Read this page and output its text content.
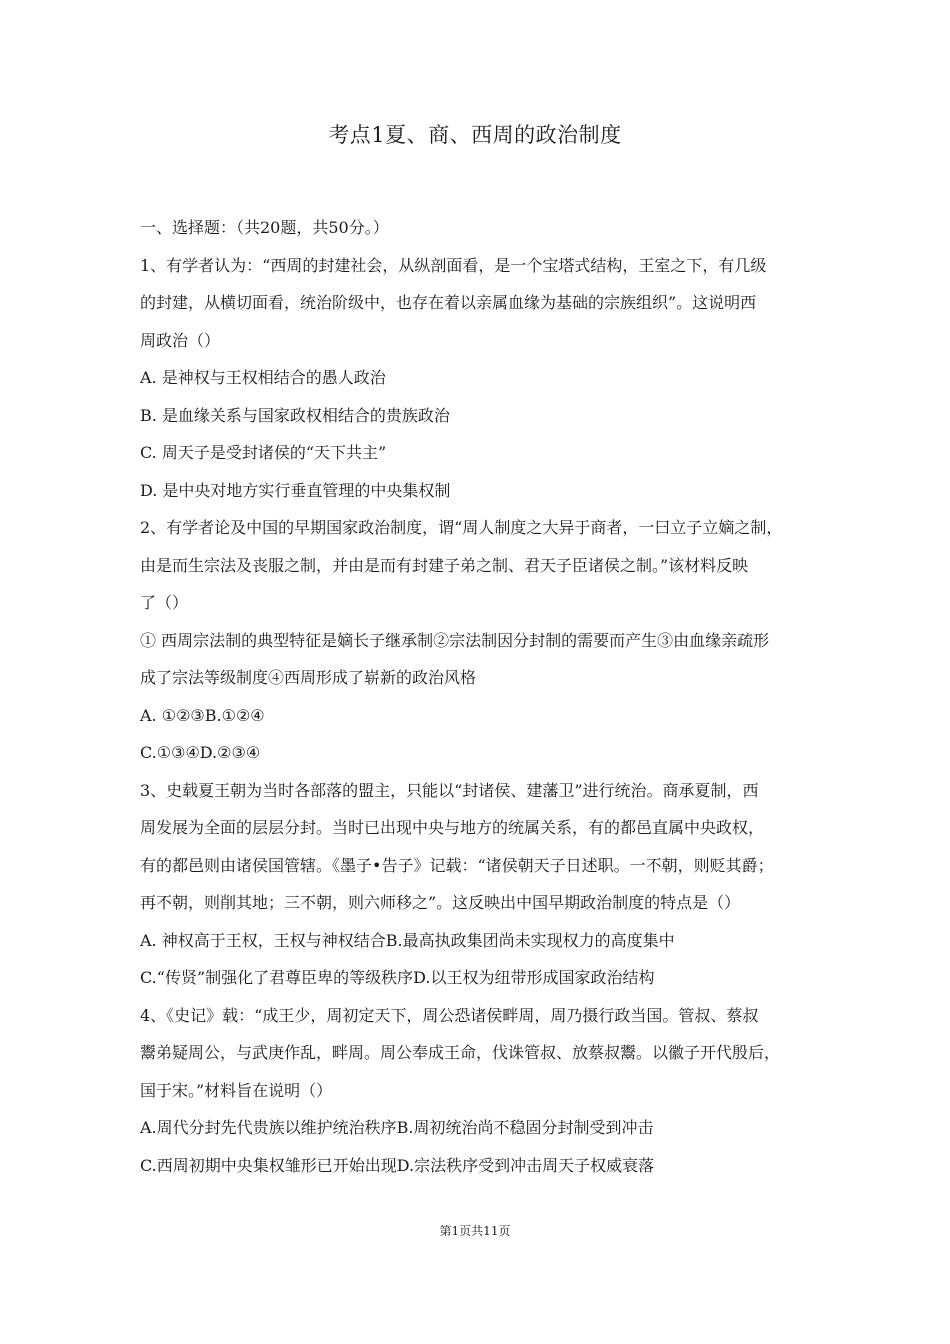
考点1夏、商、西周的政治制度
一、选择题：（共20题，共50分。）
1、有学者认为：“西周的封建社会，从纵剖面看，是一个宝塔式结构，王室之下，有几级
的封建，从横切面看，统治阶级中，也存在着以亲属血缘为基础的宗族组织”。这说明西
周政治（）
A. 是神权与王权相结合的愚人政治
B. 是血缘关系与国家政权相结合的贵族政治
C. 周天子是受封诸侯的“天下共主”
D. 是中央对地方实行垂直管理的中央集权制
2、有学者论及中国的早期国家政治制度，谓“周人制度之大异于商者，一曰立子立嫡之制，
由是而生宗法及丧服之制，并由是而有封建子弟之制、君天子臣诸侯之制。”该材料反映
了（）
① 西周宗法制的典型特征是嫡长子继承制②宗法制因分封制的需要而产生③由血缘亲疏形
成了宗法等级制度④西周形成了崭新的政治风格
A. ①②③B.①②④
C.①③④D.②③④
3、史载夏王朝为当时各部落的盟主，只能以“封诸侯、建藩卫”进行统治。商承夏制，西
周发展为全面的层层分封。当时已出现中央与地方的统属关系，有的都邑直属中央政权，
有的都邑则由诸侯国管辖。《墨子•告子》记载：“诸侯朝天子日述职。一不朝，则贬其爵；
再不朝，则削其地；三不朝，则六师移之”。这反映出中国早期政治制度的特点是（）
A. 神权高于王权，王权与神权结合B.最高执政集团尚未实现权力的高度集中
C.“传贤”制强化了君尊臣卑的等级秩序D.以王权为纽带形成国家政治结构
4、《史记》载：“成王少，周初定天下，周公恐诸侯畔周，周乃摄行政当国。管叔、蔡叔
鬻弟疑周公，与武庚作乱，畔周。周公奉成王命，伐诛管叔、放蔡叔鬻。以徽子开代殷后，
国于宋。”材料旨在说明（）
A.周代分封先代贵族以维护统治秩序B.周初统治尚不稳固分封制受到冲击
C.西周初期中央集权雏形已开始出现D.宗法秩序受到冲击周天子权威衰落
第1页共11页
